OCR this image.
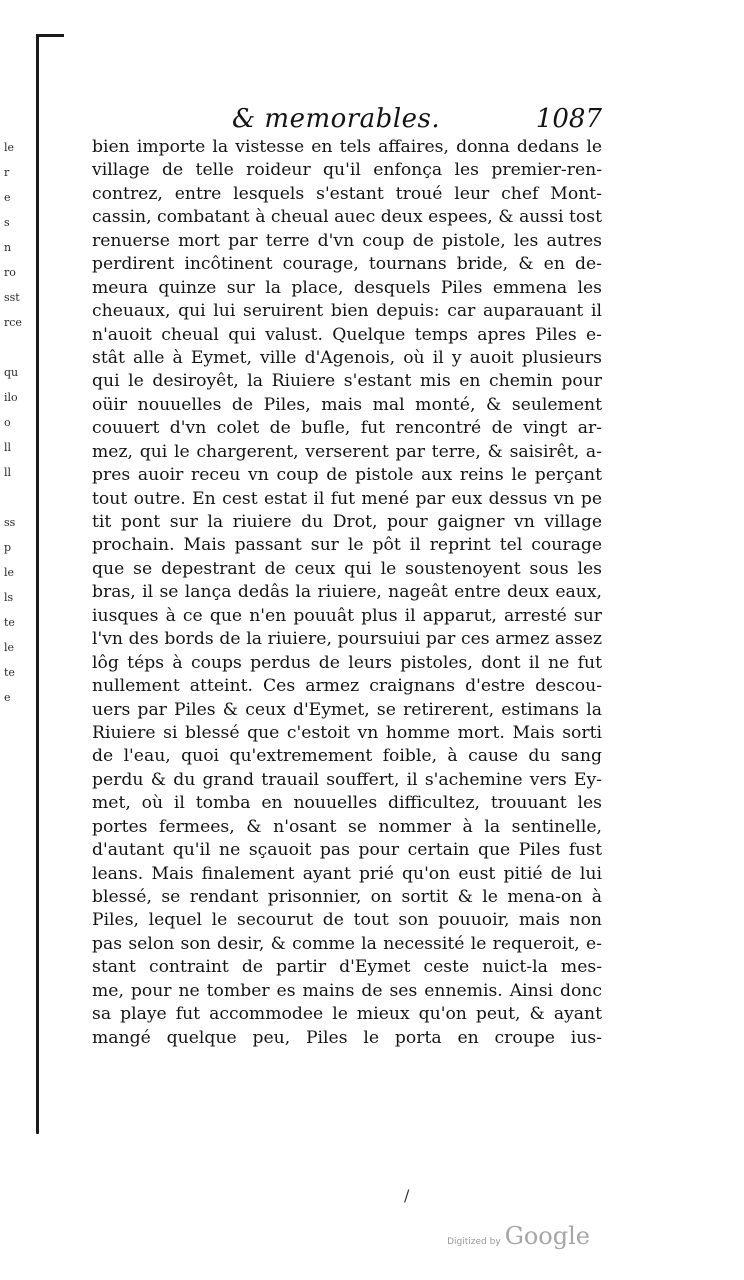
le
r
e
s
n
ro
sst
rce
qu
ilo
o
ll
ll
ss
p
le
ls
te
le
te
e
& memorables.	1087
bien importe la vistesse en tels affaires, donna dedans le
village de telle roideur qu'il enfonça les premier-ren-
contrez, entre lesquels s'estant troué leur chef Mont-
cassin, combatant à cheual auec deux espees, & aussi tost
renuerse mort par terre d'vn coup de pistole, les autres
perdirent incôtinent courage, tournans bride, & en de-
meura quinze sur la place, desquels Piles emmena les
cheuaux, qui lui seruirent bien depuis: car auparauant il
n'auoit cheual qui valust. Quelque temps apres Piles e-
stât alle à Eymet, ville d'Agenois, où il y auoit plusieurs
qui le desiroyêt, la Riuiere s'estant mis en chemin pour
oüir nouuelles de Piles, mais mal monté, & seulement
couuert d'vn colet de bufle, fut rencontré de vingt ar-
mez, qui le chargerent, verserent par terre, & saisirêt, a-
pres auoir receu vn coup de pistole aux reins le perçant
tout outre. En cest estat il fut mené par eux dessus vn pe
tit pont sur la riuiere du Drot, pour gaigner vn village
prochain. Mais passant sur le pôt il reprint tel courage
que se depestrant de ceux qui le soustenoyent sous les
bras, il se lança dedâs la riuiere, nageât entre deux eaux,
iusques à ce que n'en pouuât plus il apparut, arresté sur
l'vn des bords de la riuiere, poursuiui par ces armez assez
lôg téps à coups perdus de leurs pistoles, dont il ne fut
nullement atteint. Ces armez craignans d'estre descou-
uers par Piles & ceux d'Eymet, se retirerent, estimans la
Riuiere si blessé que c'estoit vn homme mort. Mais sorti
de l'eau, quoi qu'extremement foible, à cause du sang
perdu & du grand trauail souffert, il s'achemine vers Ey-
met, où il tomba en nouuelles difficultez, trouuant les
portes fermees, & n'osant se nommer à la sentinelle,
d'autant qu'il ne sçauoit pas pour certain que Piles fust
leans. Mais finalement ayant prié qu'on eust pitié de lui
blessé, se rendant prisonnier, on sortit & le mena-on à
Piles, lequel le secourut de tout son pouuoir, mais non
pas selon son desir, & comme la necessité le requeroit, e-
stant contraint de partir d'Eymet ceste nuict-la mes-
me, pour ne tomber es mains de ses ennemis. Ainsi donc
sa playe fut accommodee le mieux qu'on peut, & ayant
mangé quelque peu, Piles le porta en croupe ius-
/
Digitized by Google
